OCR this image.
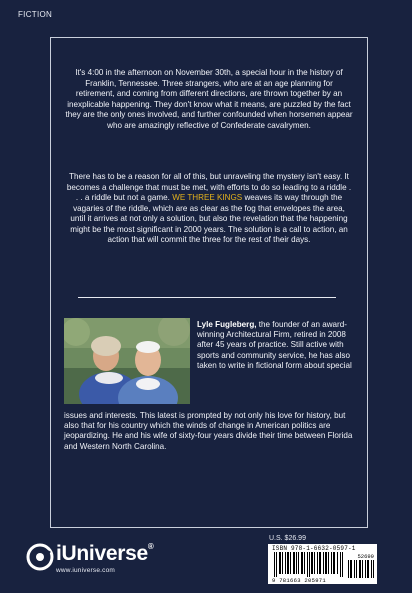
FICTION

It's 4:00 in the afternoon on November 30th, a special hour in the history of Franklin, Tennessee. Three strangers, who are at an age planning for retirement, and coming from different directions, are thrown together by an inexplicable happening. They don't know what it means, are puzzled by the fact they are the only ones involved, and further confounded when horsemen appear who are amazingly reflective of Confederate cavalrymen.

There has to be a reason for all of this, but unraveling the mystery isn't easy. It becomes a challenge that must be met, with efforts to do so leading to a riddle . . . a riddle but not a game. WE THREE KINGS weaves its way through the vagaries of the riddle, which are as clear as the fog that envelopes the area, until it arrives at not only a solution, but also the revelation that the happening might be the most significant in 2000 years. The solution is a call to action, an action that will commit the three for the rest of their days.

Lyle Fugleberg, the founder of an award-winning Architectural Firm, retired in 2008 after 45 years of practice. Still active with sports and community service, he has also taken to write in fictional form about special

issues and interests. This latest is prompted by not only his love for history, but also that for his country which the winds of change in American politics are jeopardizing. He and his wife of sixty-four years divide their time between Florida and Western North Carolina.

U.S. $26.99
ISBN 978-1-6632-0597-1
52699
9 781663 205971
iUniverse®
www.iuniverse.com
